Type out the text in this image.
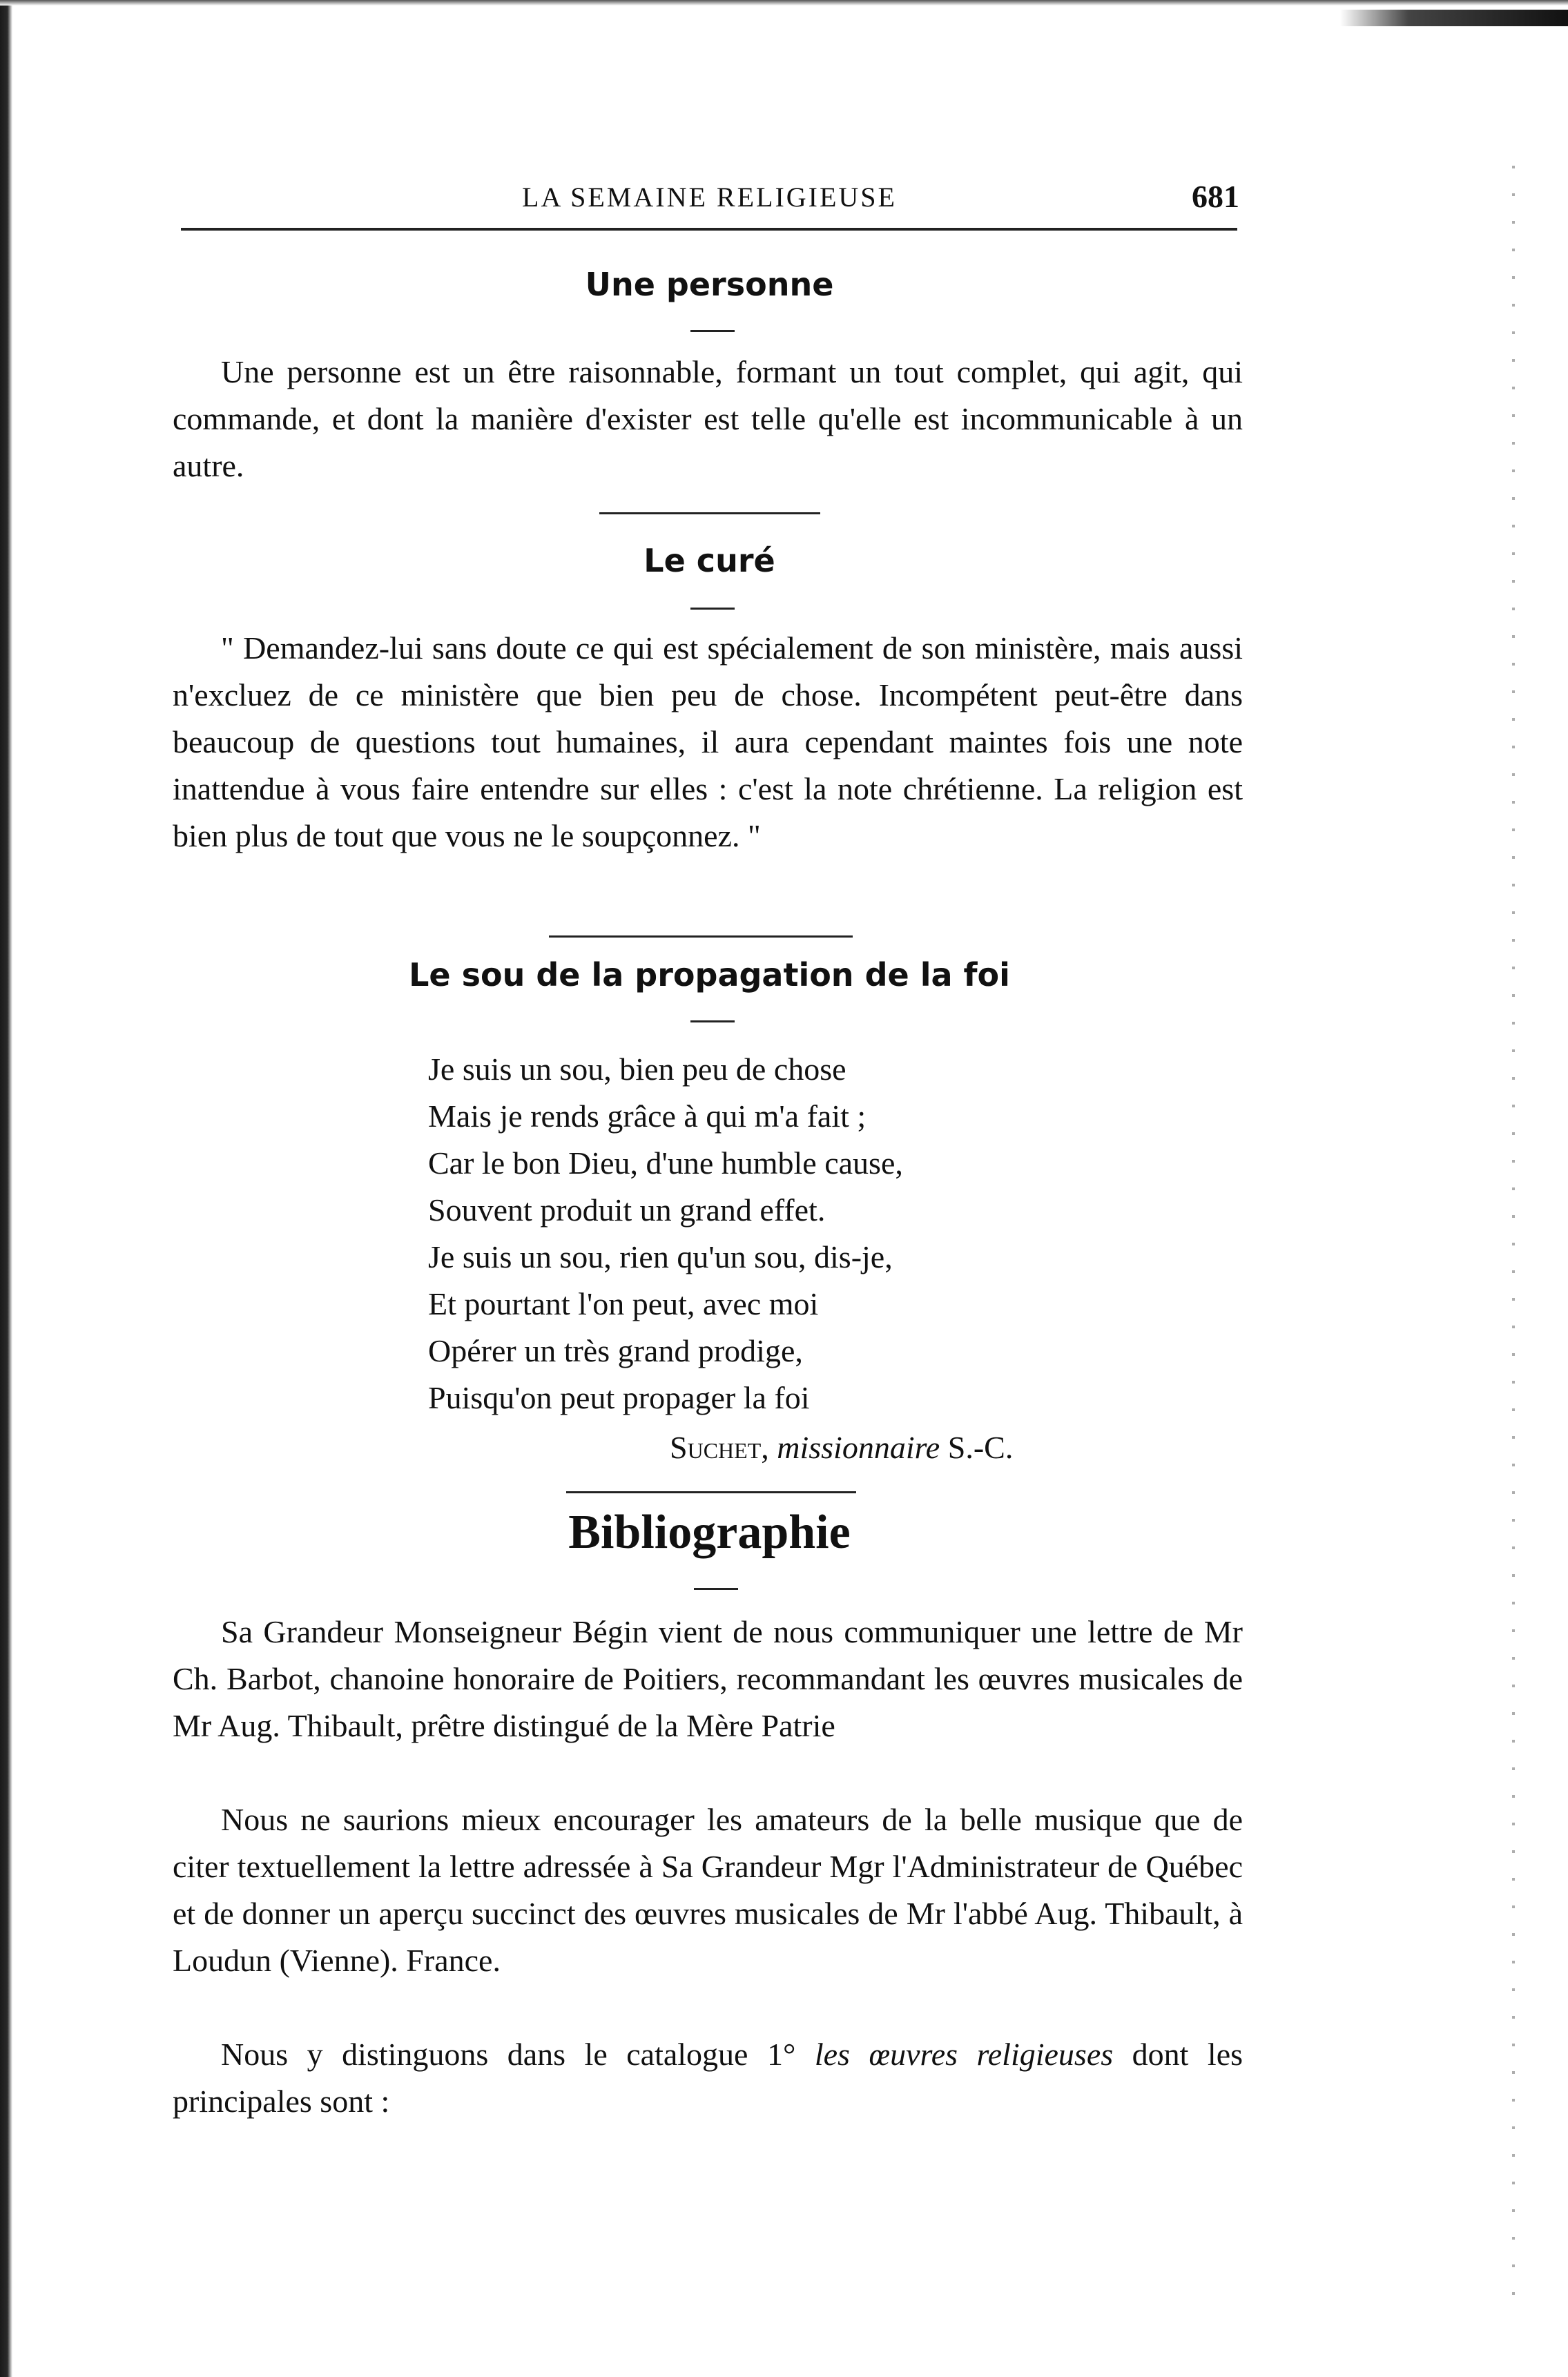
LA SEMAINE RELIGIEUSE	681
Une personne

Une personne est un être raisonnable, formant un tout complet, qui agit, qui commande, et dont la manière d'exister est telle qu'elle est incommunicable à un autre.

Le curé

" Demandez-lui sans doute ce qui est spécialement de son ministère, mais aussi n'excluez de ce ministère que bien peu de chose. Incompétent peut-être dans beaucoup de questions tout humaines, il aura cependant maintes fois une note inattendue à vous faire entendre sur elles : c'est la note chrétienne. La religion est bien plus de tout que vous ne le soupçonnez. "

Le sou de la propagation de la foi
Je suis un sou, bien peu de chose
Mais je rends grâce à qui m'a fait ;
Car le bon Dieu, d'une humble cause,
Souvent produit un grand effet.
Je suis un sou, rien qu'un sou, dis-je,
Et pourtant l'on peut, avec moi
Opérer un très grand prodige,
Puisqu'on peut propager la foi
Suchet, missionnaire S.-C.
Bibliographie

Sa Grandeur Monseigneur Bégin vient de nous communiquer une lettre de Mr Ch. Barbot, chanoine honoraire de Poitiers, recommandant les œuvres musicales de Mr Aug. Thibault, prêtre distingué de la Mère Patrie

Nous ne saurions mieux encourager les amateurs de la belle musique que de citer textuellement la lettre adressée à Sa Grandeur Mgr l'Administrateur de Québec et de donner un aperçu succinct des œuvres musicales de Mr l'abbé Aug. Thibault, à Loudun (Vienne). France.

Nous y distinguons dans le catalogue 1° les œuvres religieuses dont les principales sont :
